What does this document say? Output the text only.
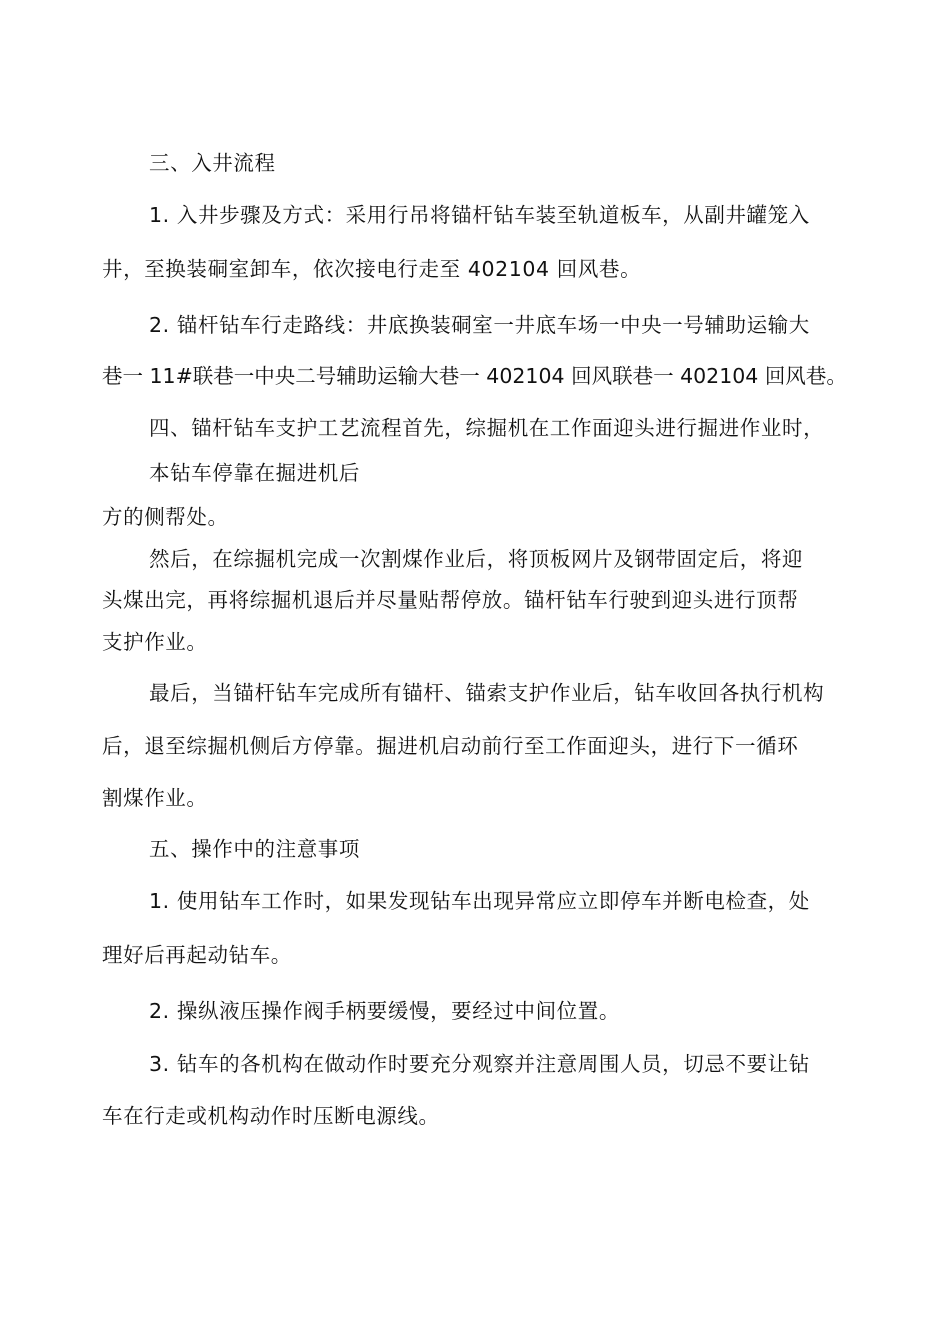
三、入井流程

1. 入井步骤及方式：采用行吊将锚杆钻车装至轨道板车，从副井罐笼入

井，至换装硐室卸车，依次接电行走至 402104 回风巷。

2. 锚杆钻车行走路线：井底换装硐室一井底车场一中央一号辅助运输大

巷一 11#联巷一中央二号辅助运输大巷一 402104 回风联巷一 402104 回风巷。

四、锚杆钻车支护工艺流程首先，综掘机在工作面迎头进行掘进作业时，

本钻车停靠在掘进机后

方的侧帮处。

然后，在综掘机完成一次割煤作业后，将顶板网片及钢带固定后，将迎

头煤出完，再将综掘机退后并尽量贴帮停放。锚杆钻车行驶到迎头进行顶帮

支护作业。

最后，当锚杆钻车完成所有锚杆、锚索支护作业后，钻车收回各执行机构

后，退至综掘机侧后方停靠。掘进机启动前行至工作面迎头，进行下一循环

割煤作业。

五、操作中的注意事项

1. 使用钻车工作时，如果发现钻车出现异常应立即停车并断电检查，处

理好后再起动钻车。

2. 操纵液压操作阀手柄要缓慢，要经过中间位置。

3. 钻车的各机构在做动作时要充分观察并注意周围人员，切忌不要让钻

车在行走或机构动作时压断电源线。
